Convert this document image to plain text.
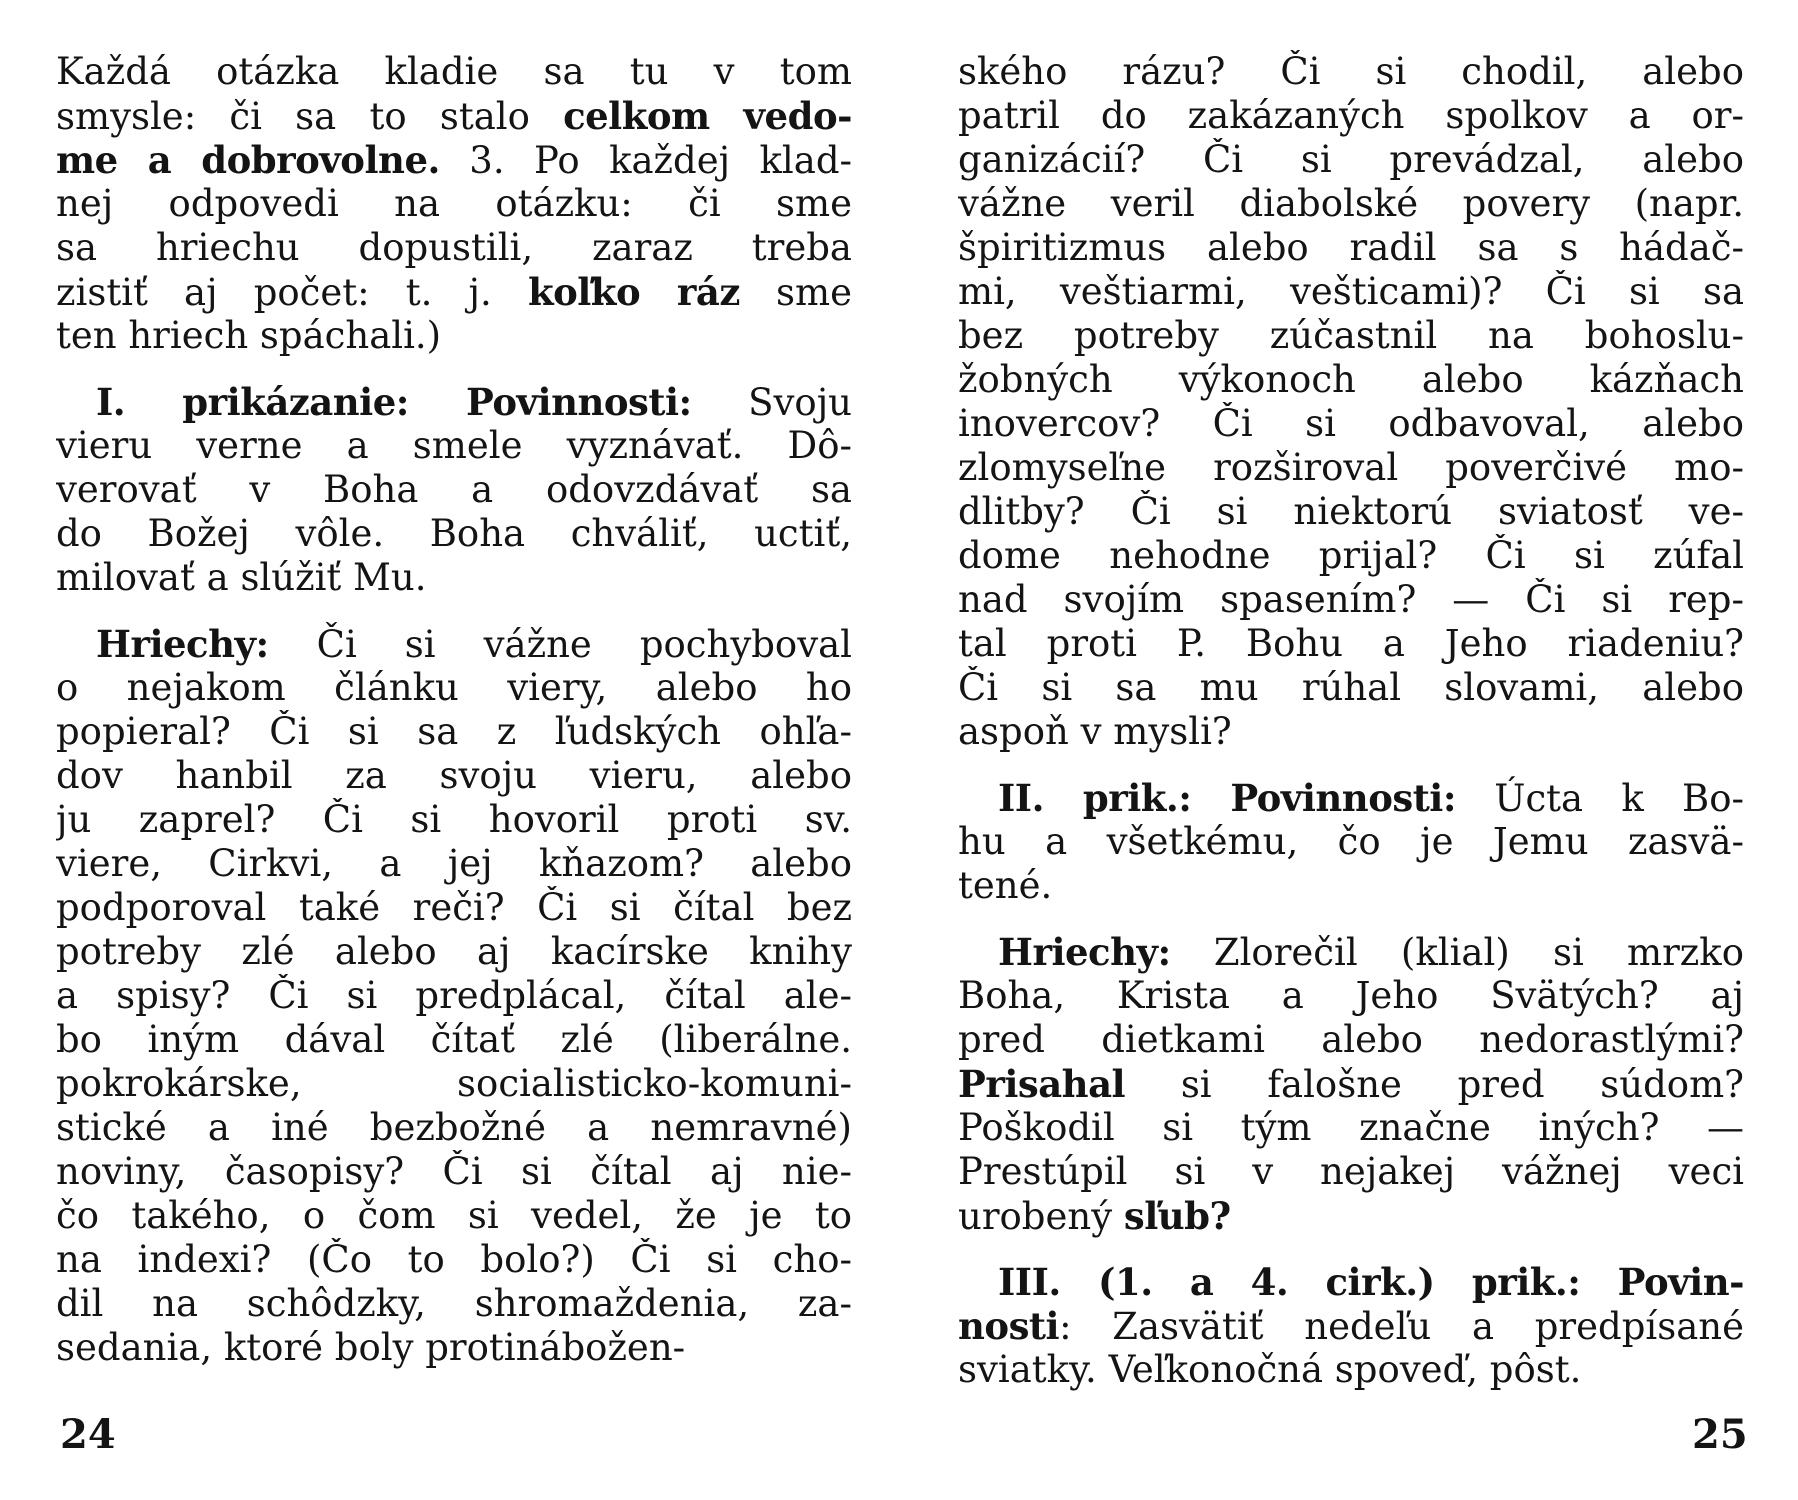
Každá otázka kladie sa tu v tom
smysle: či sa to stalo celkom vedo-
me a dobrovolne. 3. Po každej klad-
nej odpovedi na otázku: či sme
sa hriechu dopustili, zaraz treba
zistiť aj počet: t. j. koľko ráz sme
ten hriech spáchali.)
I. prikázanie: Povinnosti: Svoju
vieru verne a smele vyznávať. Dô-
verovať v Boha a odovzdávať sa
do Božej vôle. Boha chváliť, uctiť,
milovať a slúžiť Mu.
Hriechy: Či si vážne pochyboval
o nejakom článku viery, alebo ho
popieral? Či si sa z ľudských ohľa-
dov hanbil za svoju vieru, alebo
ju zaprel? Či si hovoril proti sv.
viere, Cirkvi, a jej kňazom? alebo
podporoval také reči? Či si čítal bez
potreby zlé alebo aj kacírske knihy
a spisy? Či si predplácal, čítal ale-
bo iným dával čítať zlé (liberálne.
pokrokárske, socialisticko-komuni-
stické a iné bezbožné a nemravné)
noviny, časopisy? Či si čítal aj nie-
čo takého, o čom si vedel, že je to
na indexi? (Čo to bolo?) Či si cho-
dil na schôdzky, shromaždenia, za-
sedania, ktoré boly protinábožen-
ského rázu? Či si chodil, alebo
patril do zakázaných spolkov a or-
ganizácií? Či si prevádzal, alebo
vážne veril diabolské povery (napr.
špiritizmus alebo radil sa s hádač-
mi, veštiarmi, vešticami)? Či si sa
bez potreby zúčastnil na bohoslu-
žobných výkonoch alebo kázňach
inovercov? Či si odbavoval, alebo
zlomyseľne rozširoval poverčivé mo-
dlitby? Či si niektorú sviatosť ve-
dome nehodne prijal? Či si zúfal
nad svojím spasením? — Či si rep-
tal proti P. Bohu a Jeho riadeniu?
Či si sa mu rúhal slovami, alebo
aspoň v mysli?
II. prik.: Povinnosti: Úcta k Bo-
hu a všetkému, čo je Jemu zasvä-
tené.
Hriechy: Zlorečil (klial) si mrzko
Boha, Krista a Jeho Svätých? aj
pred dietkami alebo nedorastlými?
Prisahal si falošne pred súdom?
Poškodil si tým značne iných? —
Prestúpil si v nejakej vážnej veci
urobený sľub?
III. (1. a 4. cirk.) prik.: Povin-
nosti: Zasvätiť nedeľu a predpísané
sviatky. Veľkonočná spoveď, pôst.
24	25
